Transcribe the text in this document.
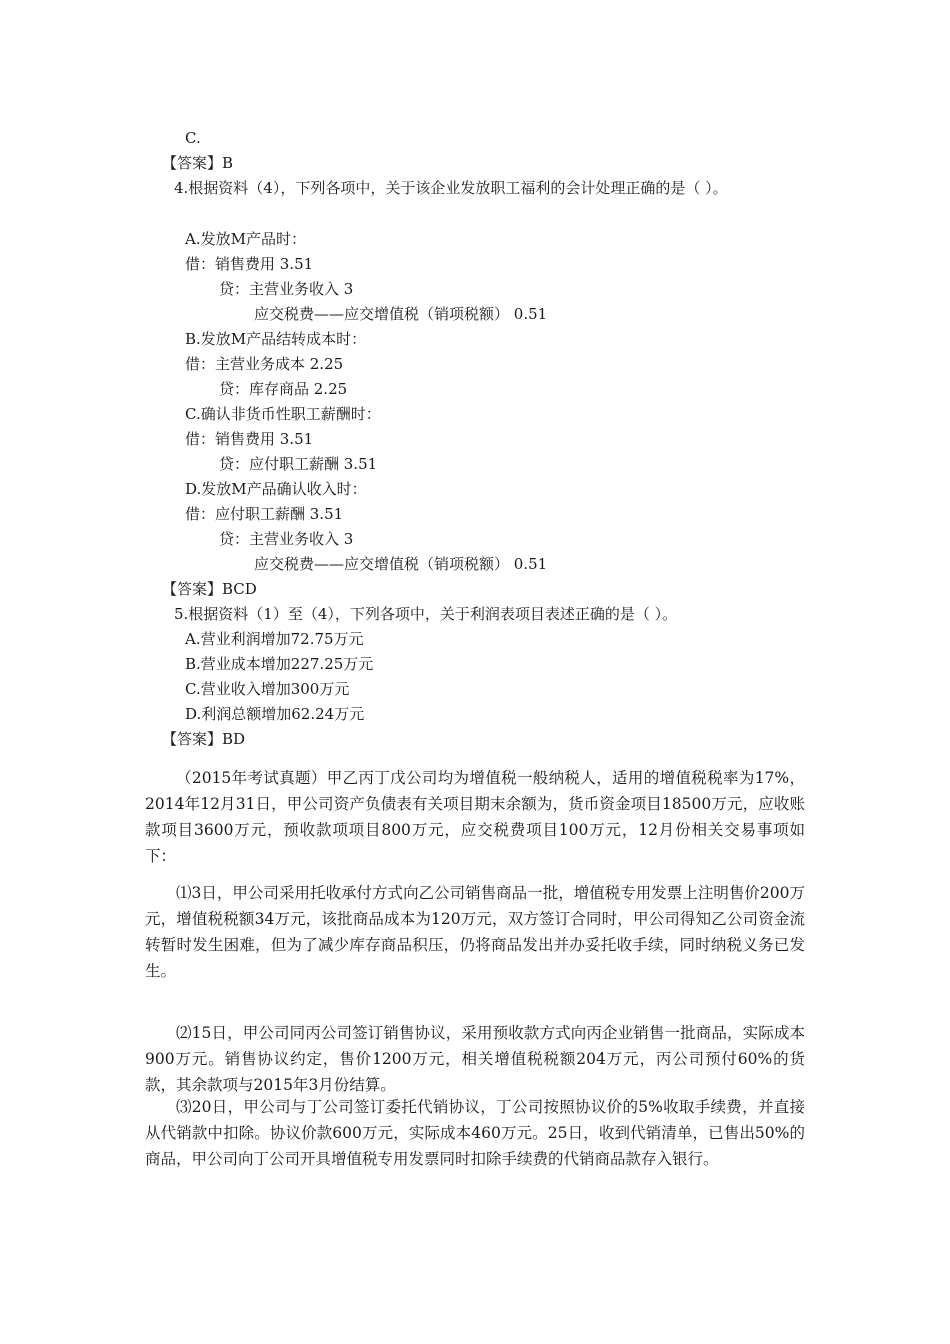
C.
【答案】B
4.根据资料（4），下列各项中，关于该企业发放职工福利的会计处理正确的是（ ）。
A.发放M产品时：
借：销售费用 3.51
贷：主营业务收入 3
应交税费——应交增值税（销项税额） 0.51
B.发放M产品结转成本时：
借：主营业务成本 2.25
贷：库存商品 2.25
C.确认非货币性职工薪酬时：
借：销售费用 3.51
贷：应付职工薪酬 3.51
D.发放M产品确认收入时：
借：应付职工薪酬 3.51
贷：主营业务收入 3
应交税费——应交增值税（销项税额） 0.51
【答案】BCD
5.根据资料（1）至（4），下列各项中，关于利润表项目表述正确的是（ ）。
A.营业利润增加72.75万元
B.营业成本增加227.25万元
C.营业收入增加300万元
D.利润总额增加62.24万元
【答案】BD
（2015年考试真题）甲乙丙丁戊公司均为增值税一般纳税人，适用的增值税税率为17%，2014年12月31日，甲公司资产负债表有关项目期末余额为，货币资金项目18500万元，应收账款项目3600万元，预收款项项目800万元，应交税费项目100万元，12月份相关交易事项如下：
⑴3日，甲公司采用托收承付方式向乙公司销售商品一批，增值税专用发票上注明售价200万元，增值税税额34万元，该批商品成本为120万元，双方签订合同时，甲公司得知乙公司资金流转暂时发生困难，但为了减少库存商品积压，仍将商品发出并办妥托收手续，同时纳税义务已发生。
⑵15日，甲公司同丙公司签订销售协议，采用预收款方式向丙企业销售一批商品，实际成本900万元。销售协议约定，售价1200万元，相关增值税税额204万元，丙公司预付60%的货款，其余款项与2015年3月份结算。
⑶20日，甲公司与丁公司签订委托代销协议，丁公司按照协议价的5%收取手续费，并直接从代销款中扣除。协议价款600万元，实际成本460万元。25日，收到代销清单，已售出50%的商品，甲公司向丁公司开具增值税专用发票同时扣除手续费的代销商品款存入银行。
